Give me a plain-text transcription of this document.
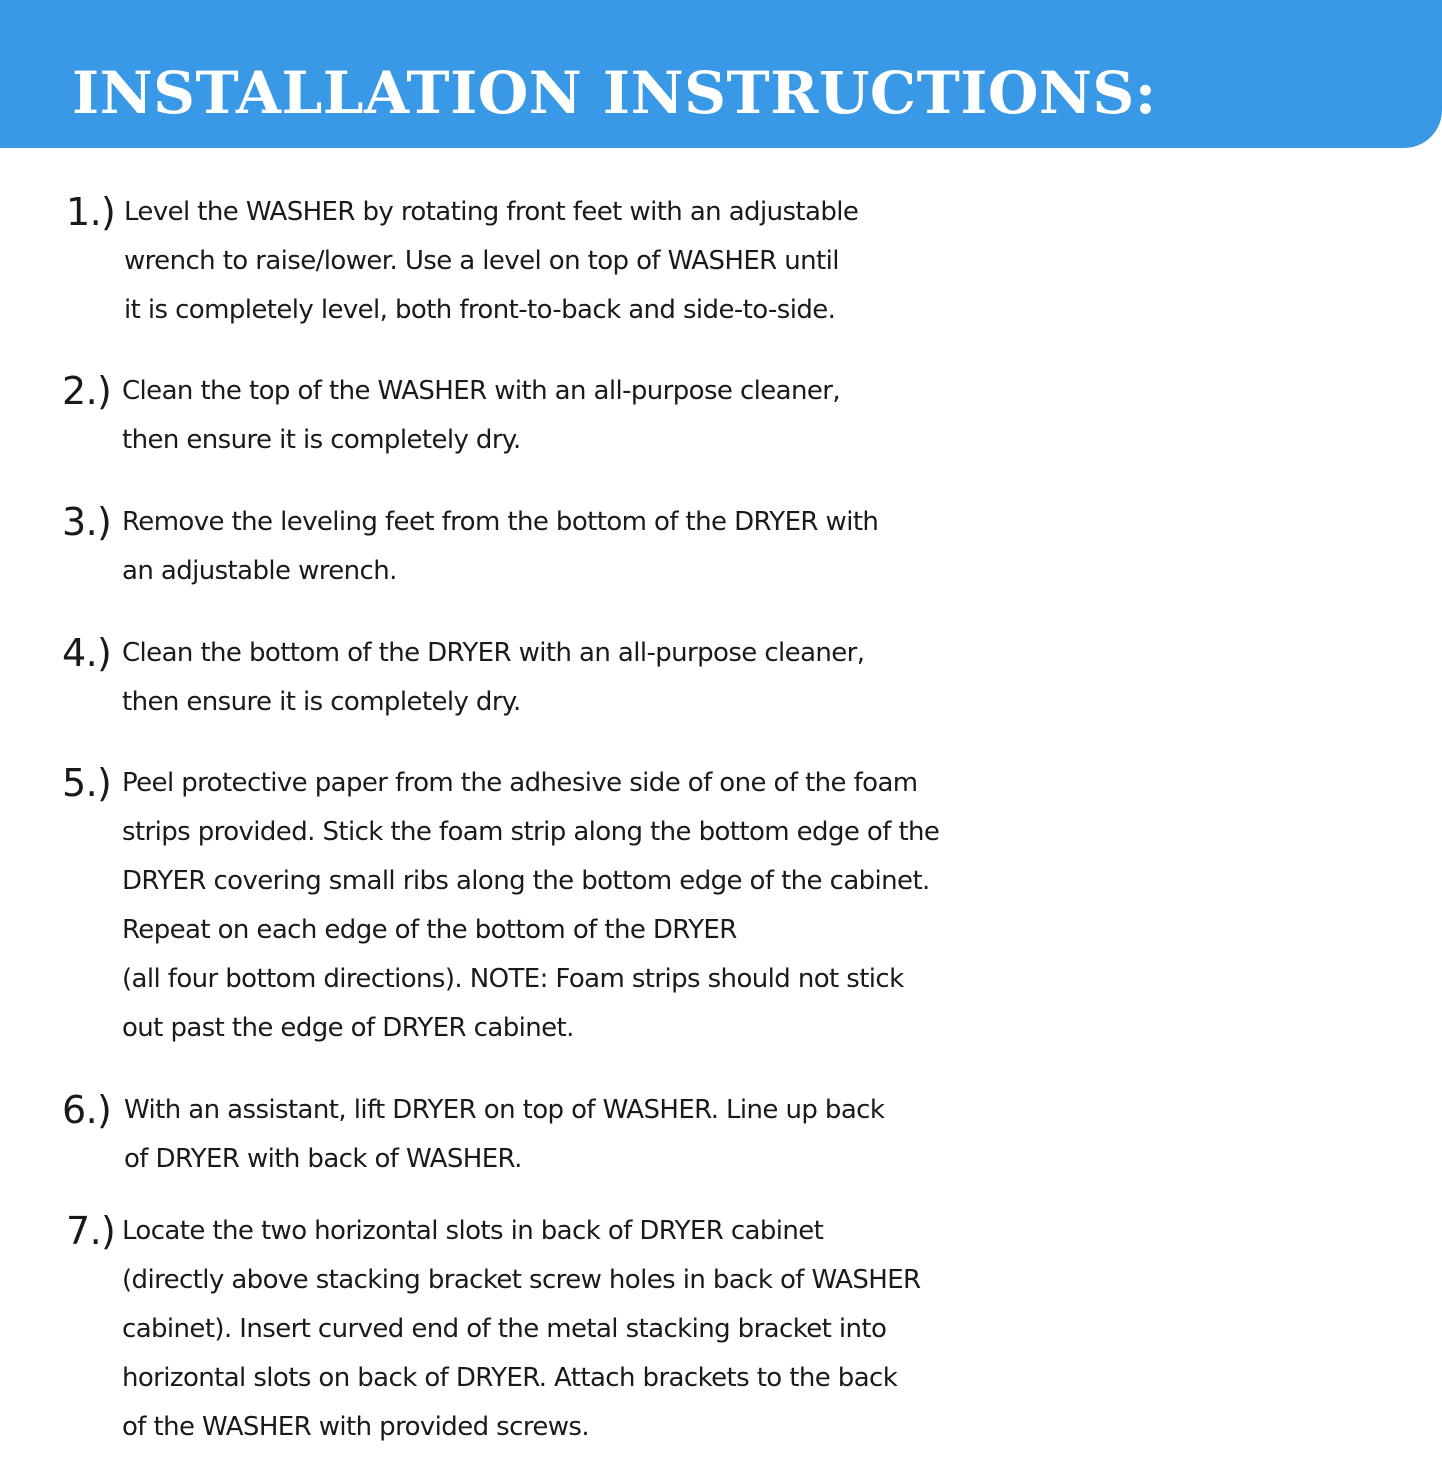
INSTALLATION INSTRUCTIONS:
1.) Level the WASHER by rotating front feet with an adjustable
wrench to raise/lower. Use a level on top of WASHER until
it is completely level, both front-to-back and side-to-side.
2.) Clean the top of the WASHER with an all-purpose cleaner,
then ensure it is completely dry.
3.) Remove the leveling feet from the bottom of the DRYER with
an adjustable wrench.
4.) Clean the bottom of the DRYER with an all-purpose cleaner,
then ensure it is completely dry.
5.) Peel protective paper from the adhesive side of one of the foam
strips provided. Stick the foam strip along the bottom edge of the
DRYER covering small ribs along the bottom edge of the cabinet.
Repeat on each edge of the bottom of the DRYER
(all four bottom directions). NOTE: Foam strips should not stick
out past the edge of DRYER cabinet.
6.) With an assistant, lift DRYER on top of WASHER. Line up back
of DRYER with back of WASHER.
7.) Locate the two horizontal slots in back of DRYER cabinet
(directly above stacking bracket screw holes in back of WASHER
cabinet). Insert curved end of the metal stacking bracket into
horizontal slots on back of DRYER. Attach brackets to the back
of the WASHER with provided screws.
